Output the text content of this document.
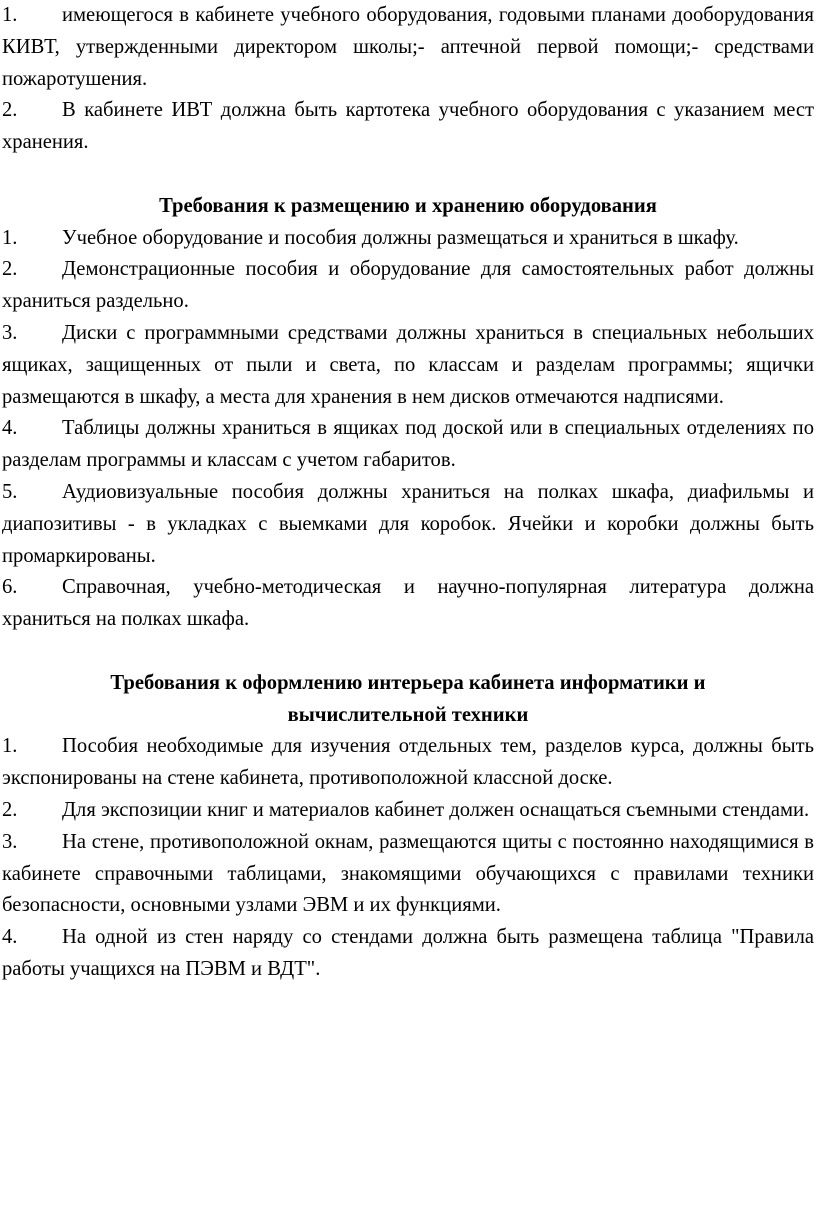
1. имеющегося в кабинете учебного оборудования, годовыми планами дооборудования КИВТ, утвержденными директором школы;- аптечной первой помощи;- средствами пожаротушения.

2. В кабинете ИВТ должна быть картотека учебного оборудования с указанием мест хранения.

Требования к размещению и хранению оборудования

1. Учебное оборудование и пособия должны размещаться и храниться в шкафу.

2. Демонстрационные пособия и оборудование для самостоятельных работ должны храниться раздельно.

3. Диски с программными средствами должны храниться в специальных небольших ящиках, защищенных от пыли и света, по классам и разделам программы; ящички размещаются в шкафу, а места для хранения в нем дисков отмечаются надписями.

4. Таблицы должны храниться в ящиках под доской или в специальных отделениях по разделам программы и классам с учетом габаритов.

5. Аудиовизуальные пособия должны храниться на полках шкафа, диафильмы и диапозитивы - в укладках с выемками для коробок. Ячейки и коробки должны быть промаркированы.

6. Справочная, учебно-методическая и научно-популярная литература должна храниться на полках шкафа.

Требования к оформлению интерьера кабинета информатики и
вычислительной техники

1. Пособия необходимые для изучения отдельных тем, разделов курса, должны быть экспонированы на стене кабинета, противоположной классной доске.

2. Для экспозиции книг и материалов кабинет должен оснащаться съемными стендами.

3. На стене, противоположной окнам, размещаются щиты с постоянно находящимися в кабинете справочными таблицами, знакомящими обучающихся с правилами техники безопасности, основными узлами ЭВМ и их функциями.

4. На одной из стен наряду со стендами должна быть размещена таблица "Правила работы учащихся на ПЭВМ и ВДТ".
